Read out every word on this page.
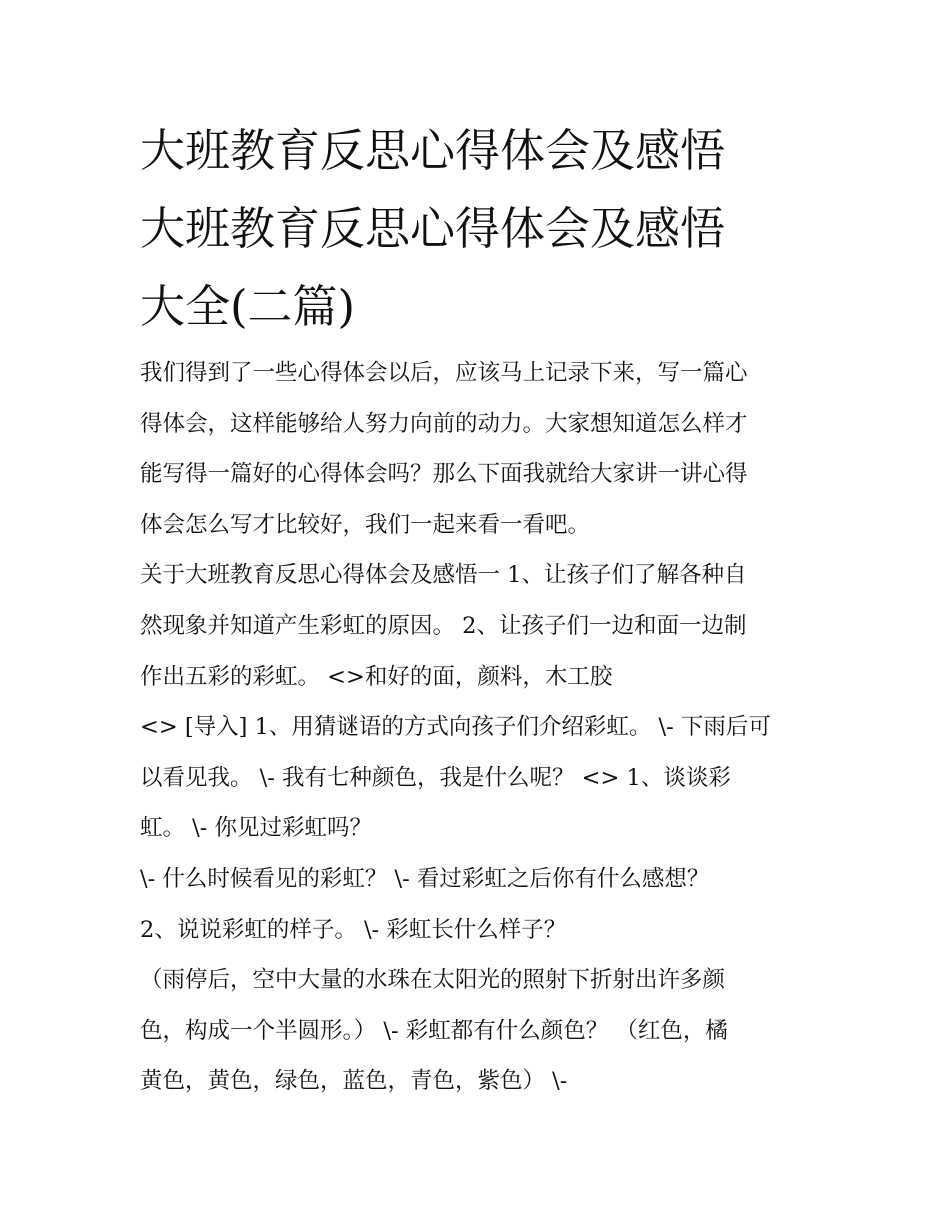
大班教育反思心得体会及感悟
大班教育反思心得体会及感悟
大全(二篇)
我们得到了一些心得体会以后，应该马上记录下来，写一篇心
得体会，这样能够给人努力向前的动力。大家想知道怎么样才
能写得一篇好的心得体会吗？那么下面我就给大家讲一讲心得
体会怎么写才比较好，我们一起来看一看吧。
关于大班教育反思心得体会及感悟一 1、让孩子们了解各种自
然现象并知道产生彩虹的原因。 2、让孩子们一边和面一边制
作出五彩的彩虹。 <>和好的面，颜料，木工胶
<> [导入] 1、用猜谜语的方式向孩子们介绍彩虹。 \- 下雨后可
以看见我。 \- 我有七种颜色，我是什么呢？ <> 1、谈谈彩
虹。 \- 你见过彩虹吗？
\- 什么时候看见的彩虹？ \- 看过彩虹之后你有什么感想？
2、说说彩虹的样子。 \- 彩虹长什么样子？
（雨停后，空中大量的水珠在太阳光的照射下折射出许多颜
色，构成一个半圆形。） \- 彩虹都有什么颜色？ （红色，橘
黄色，黄色，绿色，蓝色，青色，紫色） \-
